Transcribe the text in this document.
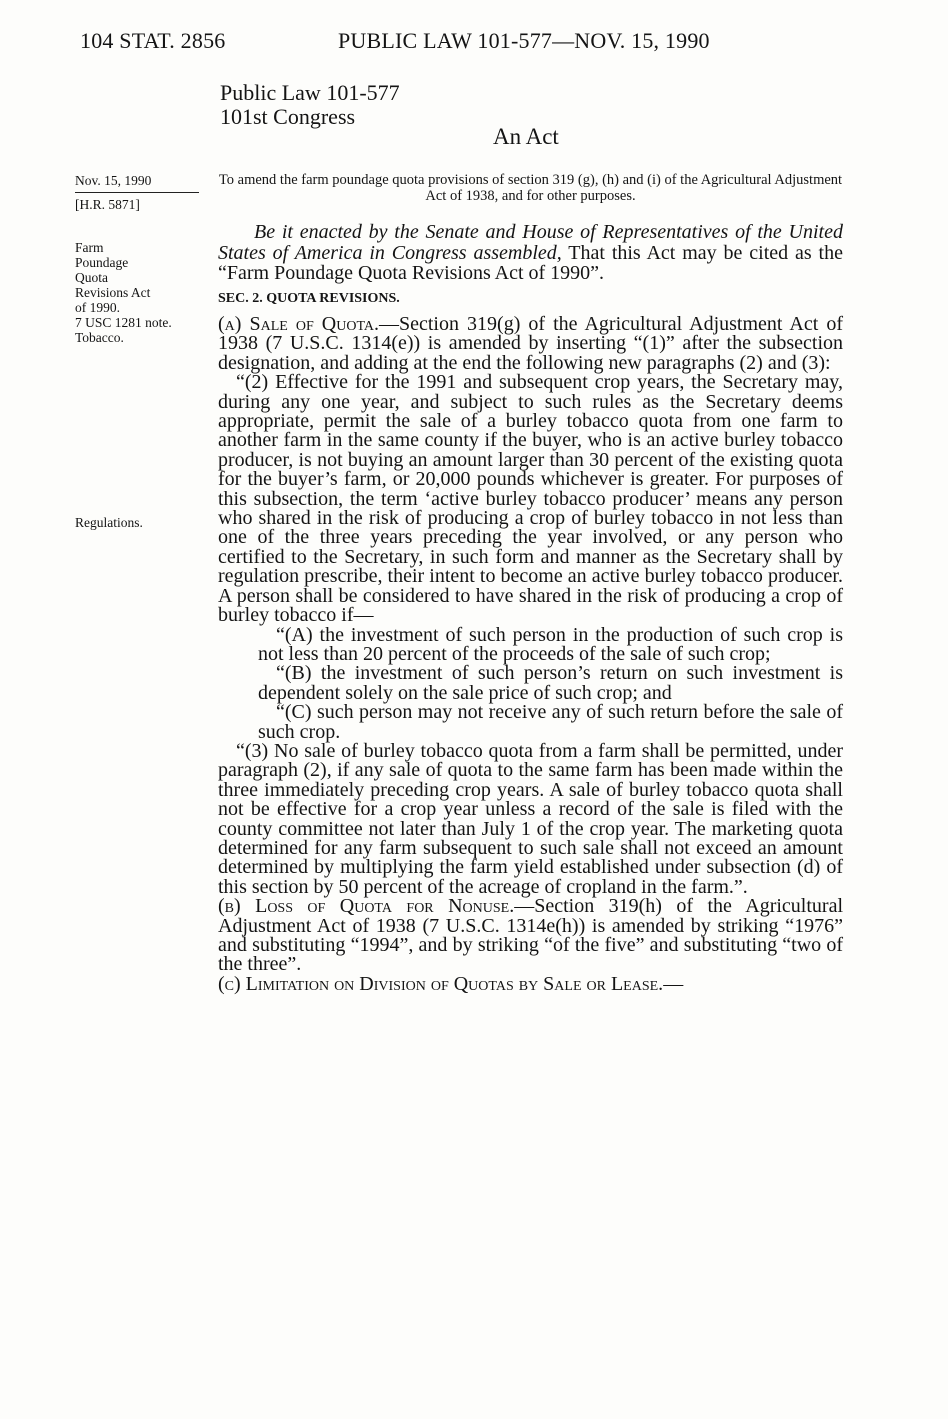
104 STAT. 2856	PUBLIC LAW 101-577—NOV. 15, 1990
Public Law 101-577
101st Congress
An Act
Nov. 15, 1990
[H.R. 5871]
Farm
Poundage
Quota
Revisions Act
of 1990.
7 USC 1281 note.
Tobacco.
Regulations.
To amend the farm poundage quota provisions of section 319 (g), (h) and (i) of the Agricultural Adjustment Act of 1938, and for other purposes.
Be it enacted by the Senate and House of Representatives of the United States of America in Congress assembled, That this Act may be cited as the “Farm Poundage Quota Revisions Act of 1990”.
SEC. 2. QUOTA REVISIONS.

(a) Sale of Quota.—Section 319(g) of the Agricultural Adjustment Act of 1938 (7 U.S.C. 1314(e)) is amended by inserting “(1)” after the subsection designation, and adding at the end the following new paragraphs (2) and (3):

“(2) Effective for the 1991 and subsequent crop years, the Secretary may, during any one year, and subject to such rules as the Secretary deems appropriate, permit the sale of a burley tobacco quota from one farm to another farm in the same county if the buyer, who is an active burley tobacco producer, is not buying an amount larger than 30 percent of the existing quota for the buyer’s farm, or 20,000 pounds whichever is greater. For purposes of this subsection, the term ‘active burley tobacco producer’ means any person who shared in the risk of producing a crop of burley tobacco in not less than one of the three years preceding the year involved, or any person who certified to the Secretary, in such form and manner as the Secretary shall by regulation prescribe, their intent to become an active burley tobacco producer. A person shall be considered to have shared in the risk of producing a crop of burley tobacco if—

“(A) the investment of such person in the production of such crop is not less than 20 percent of the proceeds of the sale of such crop;

“(B) the investment of such person’s return on such investment is dependent solely on the sale price of such crop; and

“(C) such person may not receive any of such return before the sale of such crop.

“(3) No sale of burley tobacco quota from a farm shall be permitted, under paragraph (2), if any sale of quota to the same farm has been made within the three immediately preceding crop years. A sale of burley tobacco quota shall not be effective for a crop year unless a record of the sale is filed with the county committee not later than July 1 of the crop year. The marketing quota determined for any farm subsequent to such sale shall not exceed an amount determined by multiplying the farm yield established under subsection (d) of this section by 50 percent of the acreage of cropland in the farm.”.

(b) Loss of Quota for Nonuse.—Section 319(h) of the Agricultural Adjustment Act of 1938 (7 U.S.C. 1314e(h)) is amended by striking “1976” and substituting “1994”, and by striking “of the five” and substituting “two of the three”.

(c) Limitation on Division of Quotas by Sale or Lease.—
